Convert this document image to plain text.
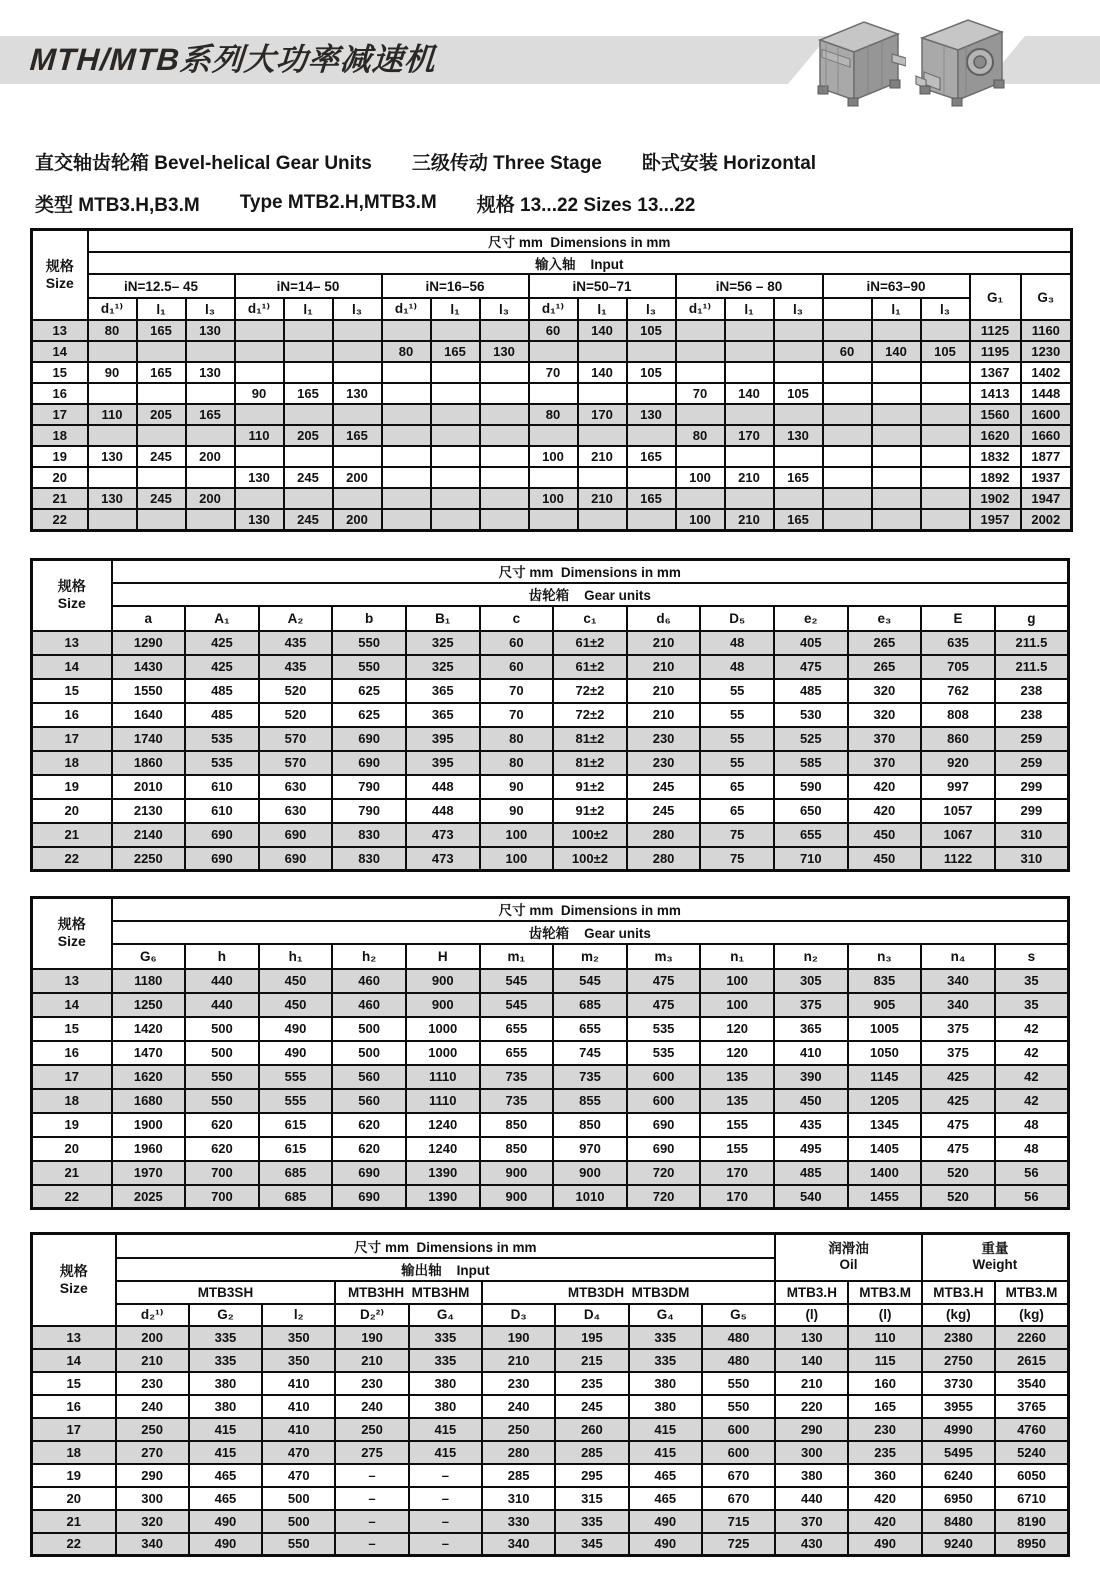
MTH/MTB系列大功率减速机
直交轴齿轮箱 Bevel-helical Gear Units 三级传动 Three Stage 卧式安装 Horizontal
类型 MTB3.H,B3.M Type MTB2.H,MTB3.M 规格 13...22 Sizes 13...22
规格
Size	尺寸 mm  Dimensions in mm																			
	输入轴    Input																			
	iN=12.5– 45			iN=14– 50			iN=16–56			iN=50–71			iN=56 – 80			iN=63–90			G₁	G₃
	d₁¹⁾	l₁	l₃	d₁¹⁾	l₁	l₃	d₁¹⁾	l₁	l₃	d₁¹⁾	l₁	l₃	d₁¹⁾	l₁	l₃		l₁	l₃		
13	80	165	130							60	140	105							1125	1160
14							80	165	130							60	140	105	1195	1230
15	90	165	130							70	140	105							1367	1402
16				90	165	130							70	140	105				1413	1448
17	110	205	165							80	170	130							1560	1600
18				110	205	165							80	170	130				1620	1660
19	130	245	200							100	210	165							1832	1877
20				130	245	200							100	210	165				1892	1937
21	130	245	200							100	210	165							1902	1947
22				130	245	200							100	210	165				1957	2002
规格
Size	尺寸 mm  Dimensions in mm												
	齿轮箱    Gear units												
	a	A₁	A₂	b	B₁	c	c₁	d₆	D₅	e₂	e₃	E	g
13	1290	425	435	550	325	60	61±2	210	48	405	265	635	211.5
14	1430	425	435	550	325	60	61±2	210	48	475	265	705	211.5
15	1550	485	520	625	365	70	72±2	210	55	485	320	762	238
16	1640	485	520	625	365	70	72±2	210	55	530	320	808	238
17	1740	535	570	690	395	80	81±2	230	55	525	370	860	259
18	1860	535	570	690	395	80	81±2	230	55	585	370	920	259
19	2010	610	630	790	448	90	91±2	245	65	590	420	997	299
20	2130	610	630	790	448	90	91±2	245	65	650	420	1057	299
21	2140	690	690	830	473	100	100±2	280	75	655	450	1067	310
22	2250	690	690	830	473	100	100±2	280	75	710	450	1122	310
规格
Size	尺寸 mm  Dimensions in mm												
	齿轮箱    Gear units												
	G₆	h	h₁	h₂	H	m₁	m₂	m₃	n₁	n₂	n₃	n₄	s
13	1180	440	450	460	900	545	545	475	100	305	835	340	35
14	1250	440	450	460	900	545	685	475	100	375	905	340	35
15	1420	500	490	500	1000	655	655	535	120	365	1005	375	42
16	1470	500	490	500	1000	655	745	535	120	410	1050	375	42
17	1620	550	555	560	1110	735	735	600	135	390	1145	425	42
18	1680	550	555	560	1110	735	855	600	135	450	1205	425	42
19	1900	620	615	620	1240	850	850	690	155	435	1345	475	48
20	1960	620	615	620	1240	850	970	690	155	495	1405	475	48
21	1970	700	685	690	1390	900	900	720	170	485	1400	520	56
22	2025	700	685	690	1390	900	1010	720	170	540	1455	520	56
规格
Size
	尺寸 mm  Dimensions in mm	润滑油
Oil

重量
Weight

	输出轴    Input												
	MTB3SH			MTB3HH  MTB3HM		MTB3DH  MTB3DM				MTB3.H	MTB3.M	MTB3.H	MTB3.M
	d₂¹⁾	G₂	l₂	D₂²⁾	G₄	D₃	D₄	G₄	G₅	(l)	(l)	(kg)	(kg)
13	200	335	350	190	335	190	195	335	480	130	110	2380	2260
14	210	335	350	210	335	210	215	335	480	140	115	2750	2615
15	230	380	410	230	380	230	235	380	550	210	160	3730	3540
16	240	380	410	240	380	240	245	380	550	220	165	3955	3765
17	250	415	410	250	415	250	260	415	600	290	230	4990	4760
18	270	415	470	275	415	280	285	415	600	300	235	5495	5240
19	290	465	470	–	–	285	295	465	670	380	360	6240	6050
20	300	465	500	–	–	310	315	465	670	440	420	6950	6710
21	320	490	500	–	–	330	335	490	715	370	420	8480	8190
22	340	490	550	–	–	340	345	490	725	430	490	9240	8950
